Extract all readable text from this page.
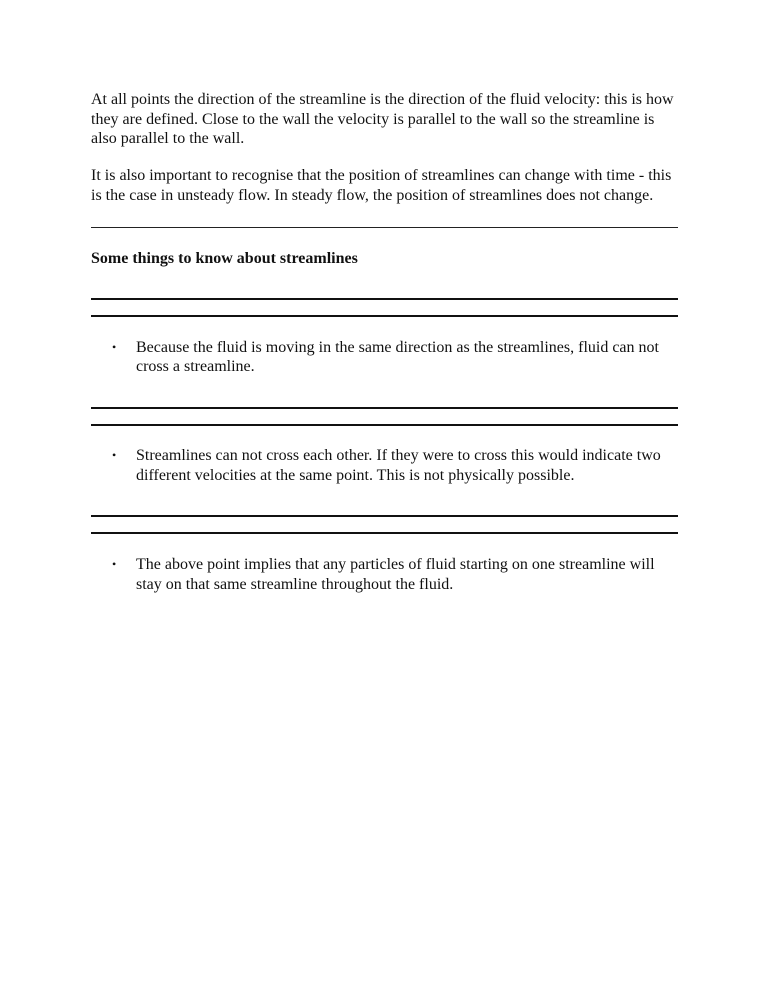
At all points the direction of the streamline is the direction of the fluid velocity: this is how they are defined. Close to the wall the velocity is parallel to the wall so the streamline is also parallel to the wall.

It is also important to recognise that the position of streamlines can change with time - this is the case in unsteady flow. In steady flow, the position of streamlines does not change.

Some things to know about streamlines

• Because the fluid is moving in the same direction as the streamlines, fluid can not cross a streamline.
• Streamlines can not cross each other. If they were to cross this would indicate two different velocities at the same point. This is not physically possible.
• The above point implies that any particles of fluid starting on one streamline will stay on that same streamline throughout the fluid.
